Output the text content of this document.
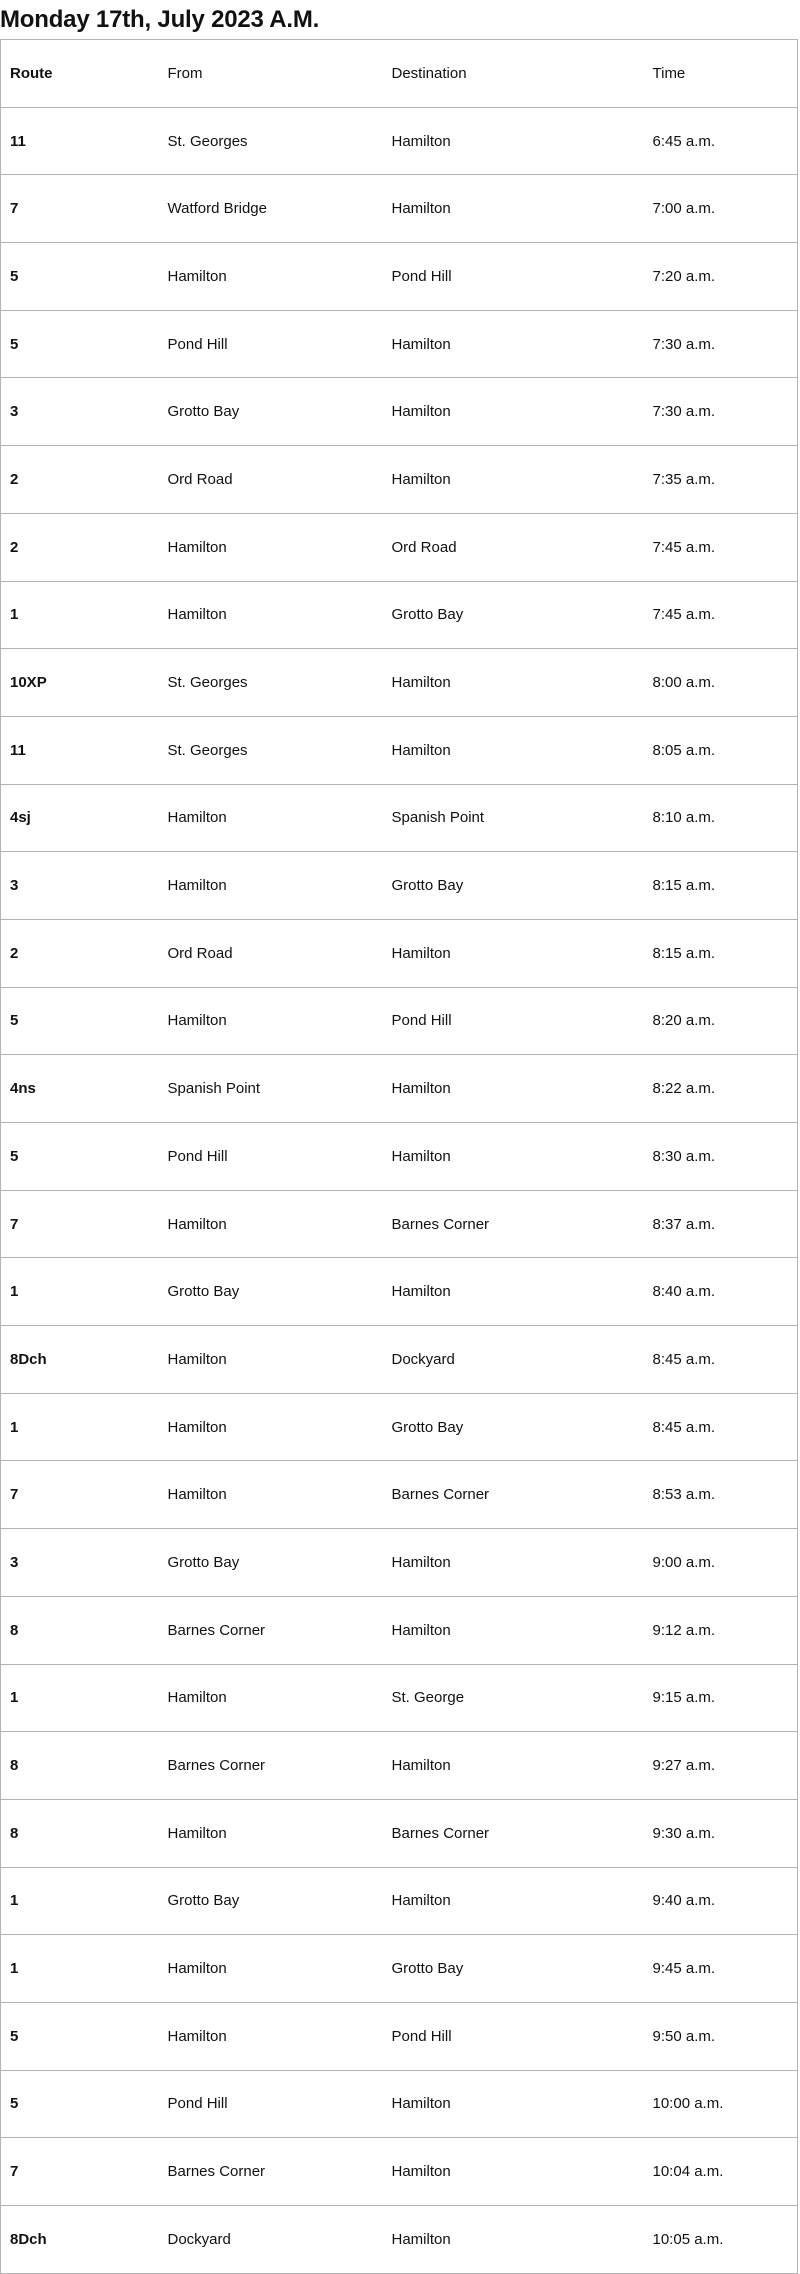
Monday 17th, July 2023 A.M.
Route	From	Destination	Time
11	St. Georges	Hamilton	6:45 a.m.
7	Watford Bridge	Hamilton	7:00 a.m.
5	Hamilton	Pond Hill	7:20 a.m.
5	Pond Hill	Hamilton	7:30 a.m.
3	Grotto Bay	Hamilton	7:30 a.m.
2	Ord Road	Hamilton	7:35 a.m.
2	Hamilton	Ord Road	7:45 a.m.
1	Hamilton	Grotto Bay	7:45 a.m.
10XP	St. Georges	Hamilton	8:00 a.m.
11	St. Georges	Hamilton	8:05 a.m.
4sj	Hamilton	Spanish Point	8:10 a.m.
3	Hamilton	Grotto Bay	8:15 a.m.
2	Ord Road	Hamilton	8:15 a.m.
5	Hamilton	Pond Hill	8:20 a.m.
4ns	Spanish Point	Hamilton	8:22 a.m.
5	Pond Hill	Hamilton	8:30 a.m.
7	Hamilton	Barnes Corner	8:37 a.m.
1	Grotto Bay	Hamilton	8:40 a.m.
8Dch	Hamilton	Dockyard	8:45 a.m.
1	Hamilton	Grotto Bay	8:45 a.m.
7	Hamilton	Barnes Corner	8:53 a.m.
3	Grotto Bay	Hamilton	9:00 a.m.
8	Barnes Corner	Hamilton	9:12 a.m.
1	Hamilton	St. George	9:15 a.m.
8	Barnes Corner	Hamilton	9:27 a.m.
8	Hamilton	Barnes Corner	9:30 a.m.
1	Grotto Bay	Hamilton	9:40 a.m.
1	Hamilton	Grotto Bay	9:45 a.m.
5	Hamilton	Pond Hill	9:50 a.m.
5	Pond Hill	Hamilton	10:00 a.m.
7	Barnes Corner	Hamilton	10:04 a.m.
8Dch	Dockyard	Hamilton	10:05 a.m.
